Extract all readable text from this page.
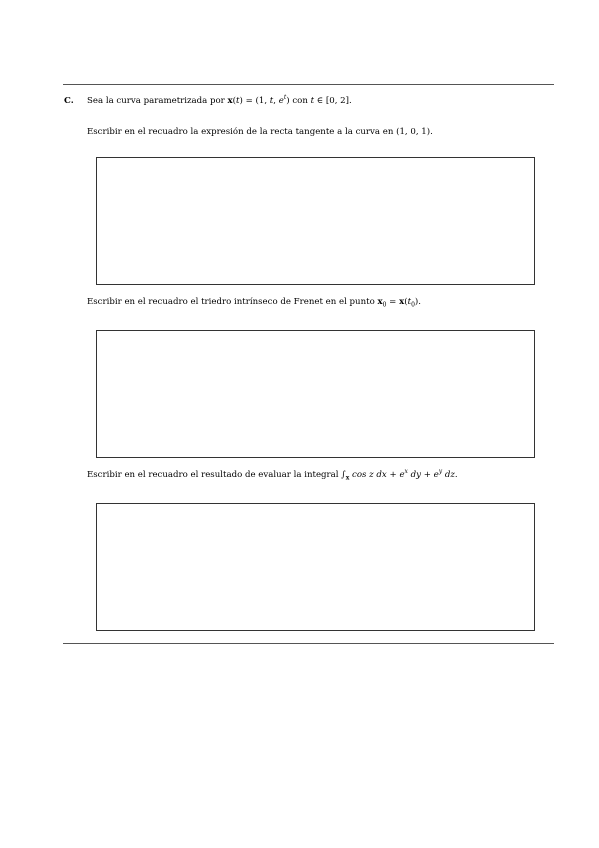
C. Sea la curva parametrizada por x(t) = (1, t, $e^t$) con t ∈ [0, 2].
Escribir en el recuadro la expresión de la recta tangente a la curva en (1, 0, 1).
Escribir en el recuadro el triedro intrínseco de Frenet en el punto $x_0 = x(t_0)$.
Escribir en el recuadro el resultado de evaluar la integral $\int_x$ cos z dx + $e^x$ dy + $e^y$ dz.
